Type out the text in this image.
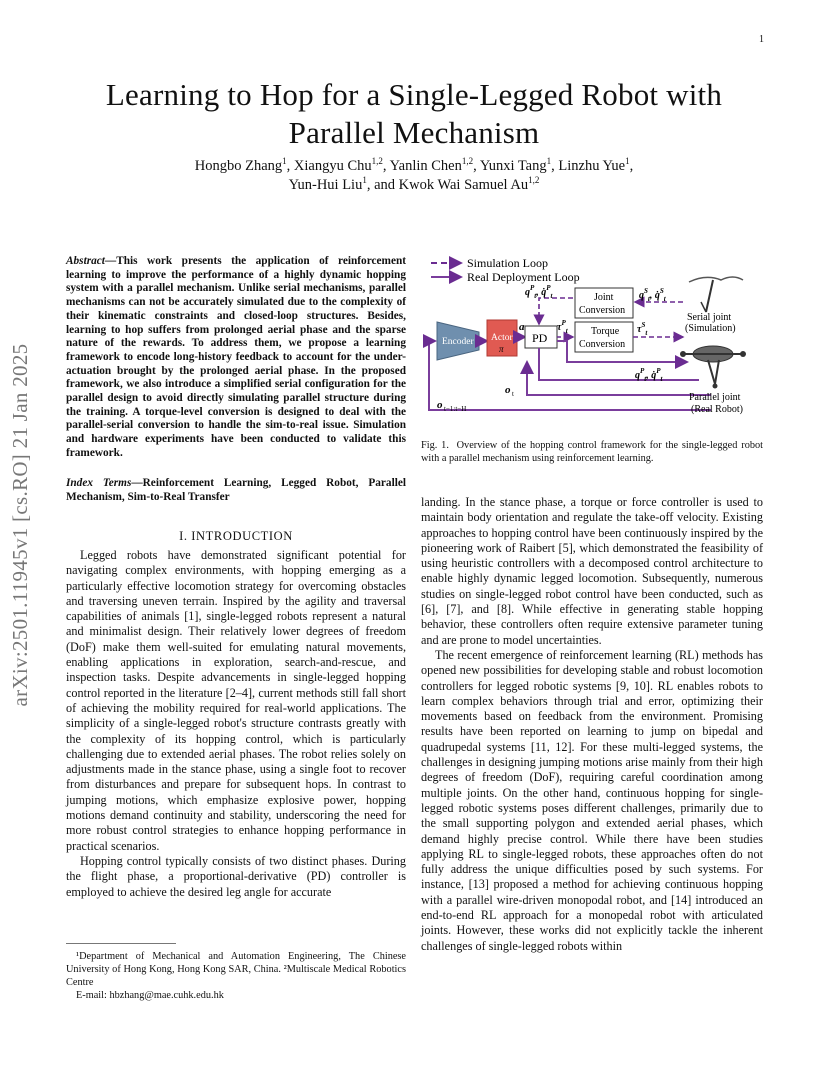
1
arXiv:2501.11945v1 [cs.RO] 21 Jan 2025
Learning to Hop for a Single-Legged Robot with
Parallel Mechanism
Hongbo Zhang$^1$, Xiangyu Chu$^{1,2}$, Yanlin Chen$^{1,2}$, Yunxi Tang$^1$, Linzhu Yue$^1$,
Yun-Hui Liu$^1$, and Kwok Wai Samuel Au$^{1,2}$
Abstract—This work presents the application of reinforcement learning to improve the performance of a highly dynamic hopping system with a parallel mechanism. Unlike serial mechanisms, parallel mechanisms can not be accurately simulated due to the complexity of their kinematic constraints and closed-loop structures. Besides, learning to hop suffers from prolonged aerial phase and the sparse nature of the rewards. To address them, we propose a learning framework to encode long-history feedback to account for the under-actuation brought by the prolonged aerial phase. In the proposed framework, we also introduce a simplified serial configuration for the parallel design to avoid directly simulating parallel structure during the training. A torque-level conversion is designed to deal with the parallel-serial conversion to handle the sim-to-real issue. Simulation and hardware experiments have been conducted to validate this framework.
Index Terms—Reinforcement Learning, Legged Robot, Parallel Mechanism, Sim-to-Real Transfer
I. INTRODUCTION

Legged robots have demonstrated significant potential for navigating complex environments, with hopping emerging as a particularly effective locomotion strategy for overcoming obstacles and traversing uneven terrain. Inspired by the agility and traversal capabilities of animals [1], single-legged robots represent a natural and minimalist design. Their relatively lower degrees of freedom (DoF) make them well-suited for emulating natural movements, enabling applications in exploration, search-and-rescue, and inspection tasks. Despite advancements in single-legged hopping control reported in the literature [2–4], current methods still fall short of achieving the mobility required for real-world applications. The simplicity of a single-legged robot's structure contrasts greatly with the complexity of its hopping control, which is particularly challenging due to extended aerial phases. The robot relies solely on adjustments made in the stance phase, using a single foot to recover from disturbances and prepare for subsequent hops. In contrast to jumping motions, which emphasize explosive power, hopping motions demand continuity and stability, underscoring the need for more robust control strategies to enhance hopping performance in practical scenarios.

Hopping control typically consists of two distinct phases. During the flight phase, a proportional-derivative (PD) controller is employed to achieve the desired leg angle for accurate

¹Department of Mechanical and Automation Engineering, The Chinese University of Hong Kong, Hong Kong SAR, China. ²Multiscale Medical Robotics Centre

E-mail: hbzhang@mae.cuhk.edu.hk

Simulation Loop
Real Deployment Loop
Encoder Actor
π
a
PD
$q^P_t$, q̇$^P_t$	Joint
Conversion
Torque
Conversion
$\tau^P_t$	$\tau^S_t$
$q^S_t$, q̇$^S_t$
$q^P_t$, q̇$^P_t$
o t
o t−1:t−H
Serial joint
(Simulation)
Parallel joint
(Real Robot)
Fig. 1. Overview of the hopping control framework for the single-legged robot with a parallel mechanism using reinforcement learning.

landing. In the stance phase, a torque or force controller is used to maintain body orientation and regulate the take-off velocity. Existing approaches to hopping control have been continuously inspired by the pioneering work of Raibert [5], which demonstrated the feasibility of using heuristic controllers with a decomposed control architecture to enable highly dynamic legged locomotion. Subsequently, numerous studies on single-legged robot control have been conducted, such as [6], [7], and [8]. While effective in generating stable hopping behavior, these controllers often require extensive parameter tuning and are prone to model uncertainties.

The recent emergence of reinforcement learning (RL) methods has opened new possibilities for developing stable and robust locomotion controllers for legged robotic systems [9, 10]. RL enables robots to learn complex behaviors through trial and error, optimizing their movements based on feedback from the environment. Promising results have been reported on learning to jump on bipedal and quadrupedal systems [11, 12]. For these multi-legged systems, the challenges in designing jumping motions arise mainly from their high degrees of freedom (DoF), requiring careful coordination among multiple joints. On the other hand, continuous hopping for single-legged robotic systems poses different challenges, primarily due to the small supporting polygon and extended aerial phases, which demand highly precise control. While there have been studies applying RL to single-legged robots, these approaches often do not fully address the unique difficulties posed by such systems. For instance, [13] proposed a method for achieving continuous hopping with a parallel wire-driven monopodal robot, and [14] introduced an end-to-end RL approach for a monopedal robot with articulated joints. However, these works did not explicitly tackle the inherent challenges of single-legged robots within
